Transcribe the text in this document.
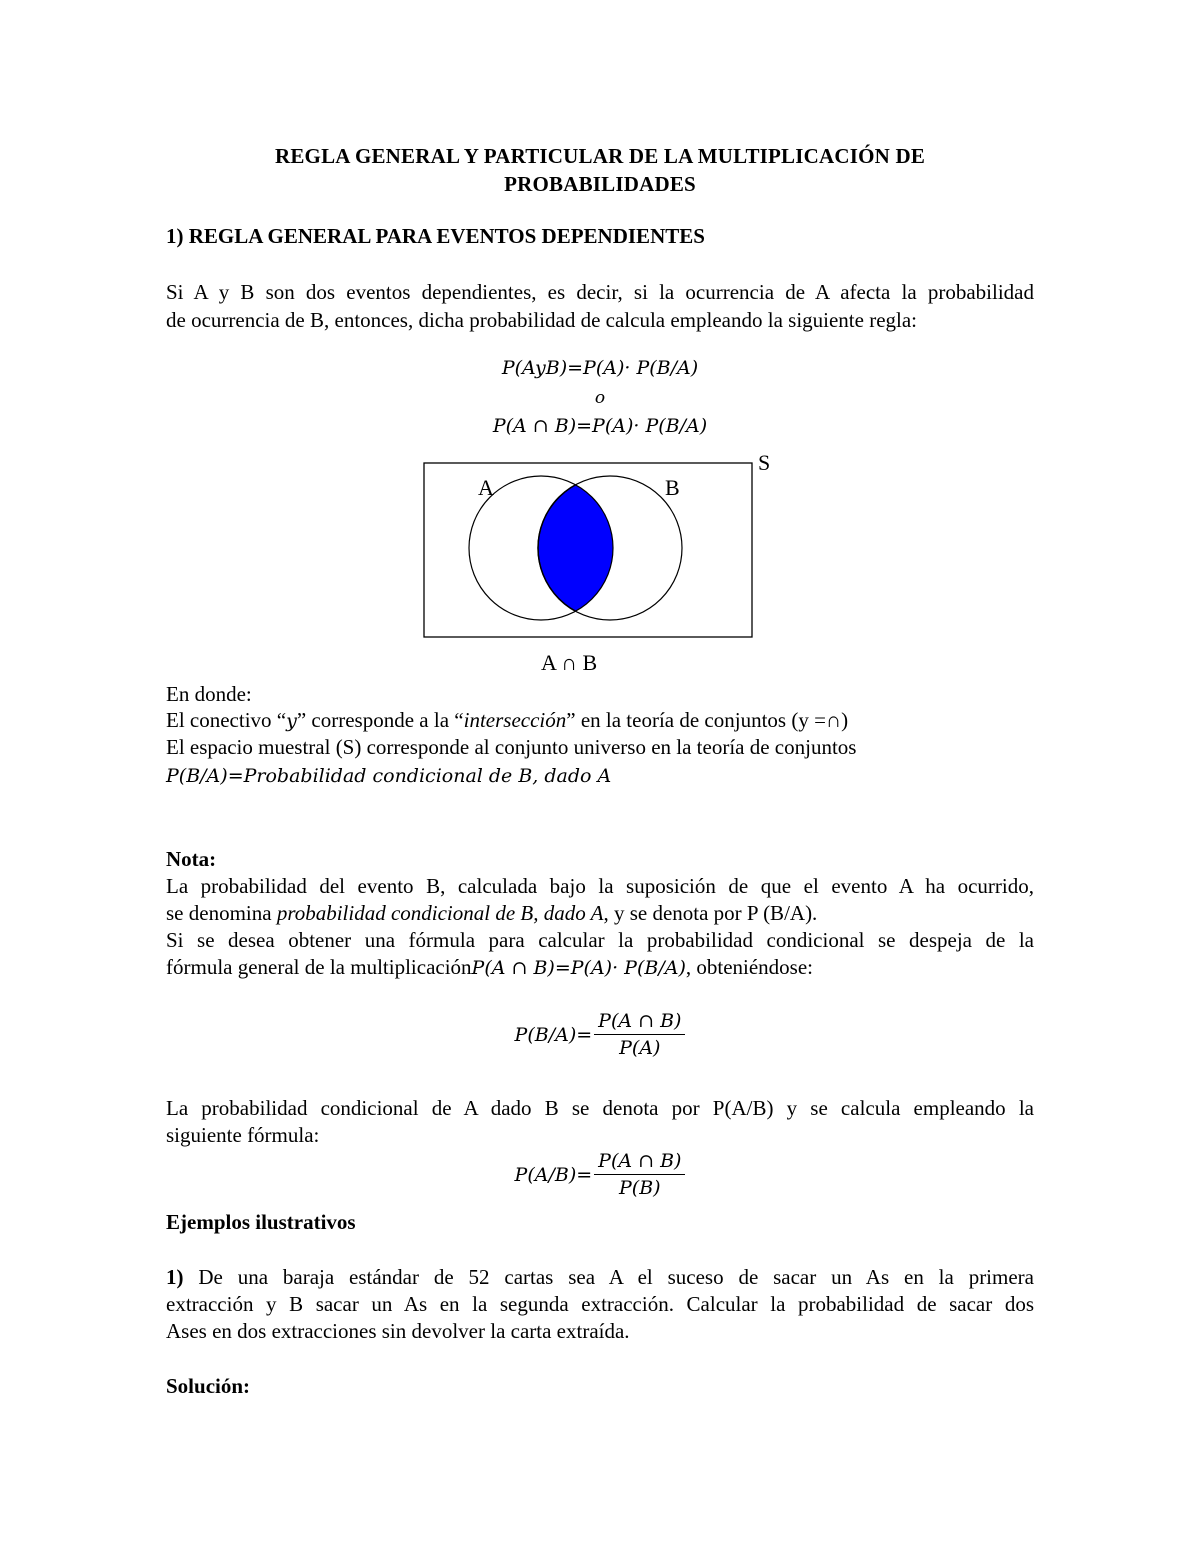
REGLA GENERAL Y PARTICULAR DE LA MULTIPLICACIÓN DE
PROBABILIDADES
1) REGLA GENERAL PARA EVENTOS DEPENDIENTES
Si A y B son dos eventos dependientes, es decir, si la ocurrencia de A afecta la probabilidad
de ocurrencia de B, entonces, dicha probabilidad de calcula empleando la siguiente regla:
P(AyB)=P(A)· P(B/A)
o
P(A ∩ B)=P(A)· P(B/A)
A	B
S
A ∩ B
En donde:
El conectivo “y” corresponde a la “intersección” en la teoría de conjuntos (y =∩)
El espacio muestral (S) corresponde al conjunto universo en la teoría de conjuntos
P(B/A)=Probabilidad condicional de B, dado A
Nota:
La probabilidad del evento B, calculada bajo la suposición de que el evento A ha ocurrido,
se denomina probabilidad condicional de B, dado A, y se denota por P (B/A).
Si se desea obtener una fórmula para calcular la probabilidad condicional se despeja de la
fórmula general de la multiplicaciónP(A ∩ B)=P(A)· P(B/A), obteniéndose:
$P(B/A)= \frac{P(A \cap B)}{P(A)}$
La probabilidad condicional de A dado B se denota por P(A/B) y se calcula empleando la
siguiente fórmula:
$P(A/B)= \frac{P(A \cap B)}{P(B)}$
Ejemplos ilustrativos
1) De una baraja estándar de 52 cartas sea A el suceso de sacar un As en la primera
extracción y B sacar un As en la segunda extracción. Calcular la probabilidad de sacar dos
Ases en dos extracciones sin devolver la carta extraída.
Solución:
